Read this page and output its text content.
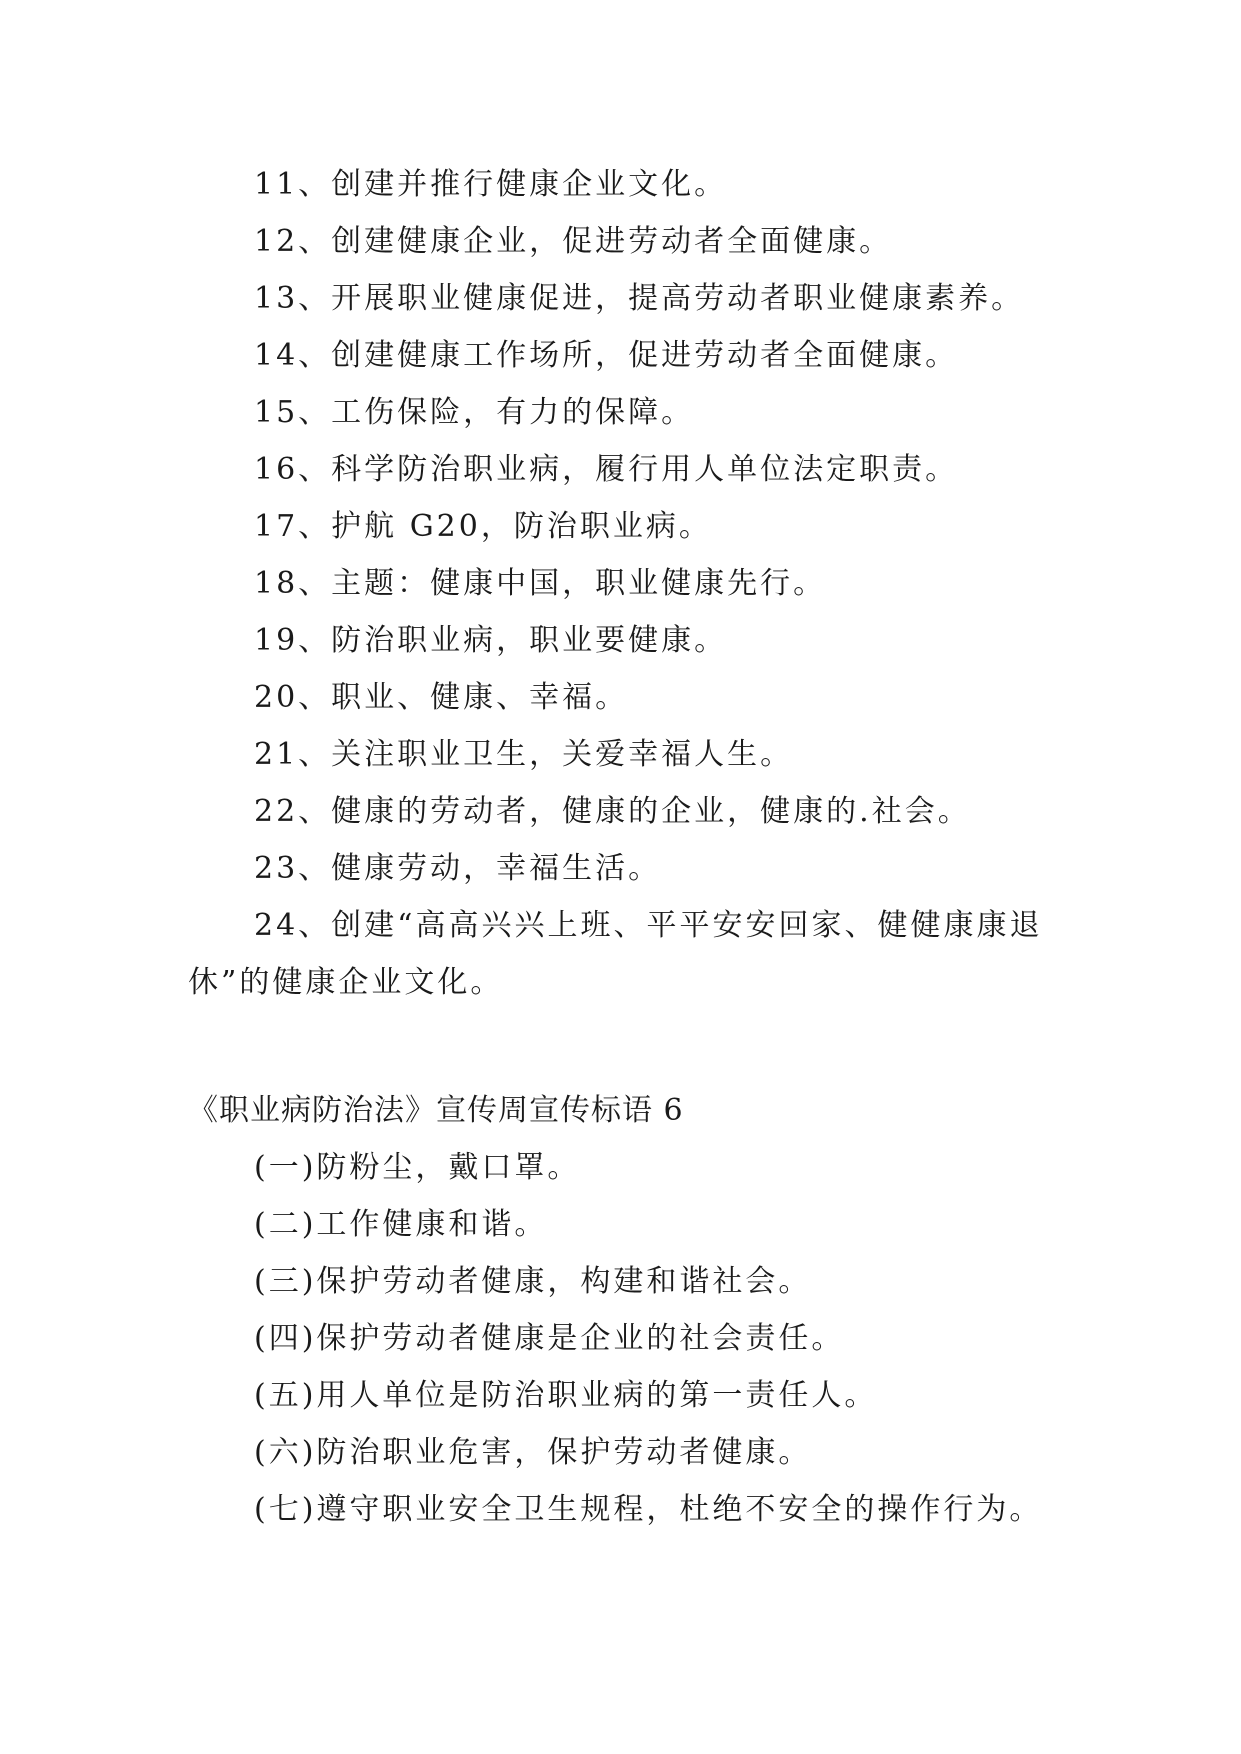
11、创建并推行健康企业文化。
12、创建健康企业，促进劳动者全面健康。
13、开展职业健康促进，提高劳动者职业健康素养。
14、创建健康工作场所，促进劳动者全面健康。
15、工伤保险，有力的保障。
16、科学防治职业病，履行用人单位法定职责。
17、护航 G20，防治职业病。
18、主题：健康中国，职业健康先行。
19、防治职业病，职业要健康。
20、职业、健康、幸福。
21、关注职业卫生，关爱幸福人生。
22、健康的劳动者，健康的企业，健康的.社会。
23、健康劳动，幸福生活。
24、创建“高高兴兴上班、平平安安回家、健健康康退
休”的健康企业文化。
《职业病防治法》宣传周宣传标语 6
(一)防粉尘，戴口罩。
(二)工作健康和谐。
(三)保护劳动者健康，构建和谐社会。
(四)保护劳动者健康是企业的社会责任。
(五)用人单位是防治职业病的第一责任人。
(六)防治职业危害，保护劳动者健康。
(七)遵守职业安全卫生规程，杜绝不安全的操作行为。
